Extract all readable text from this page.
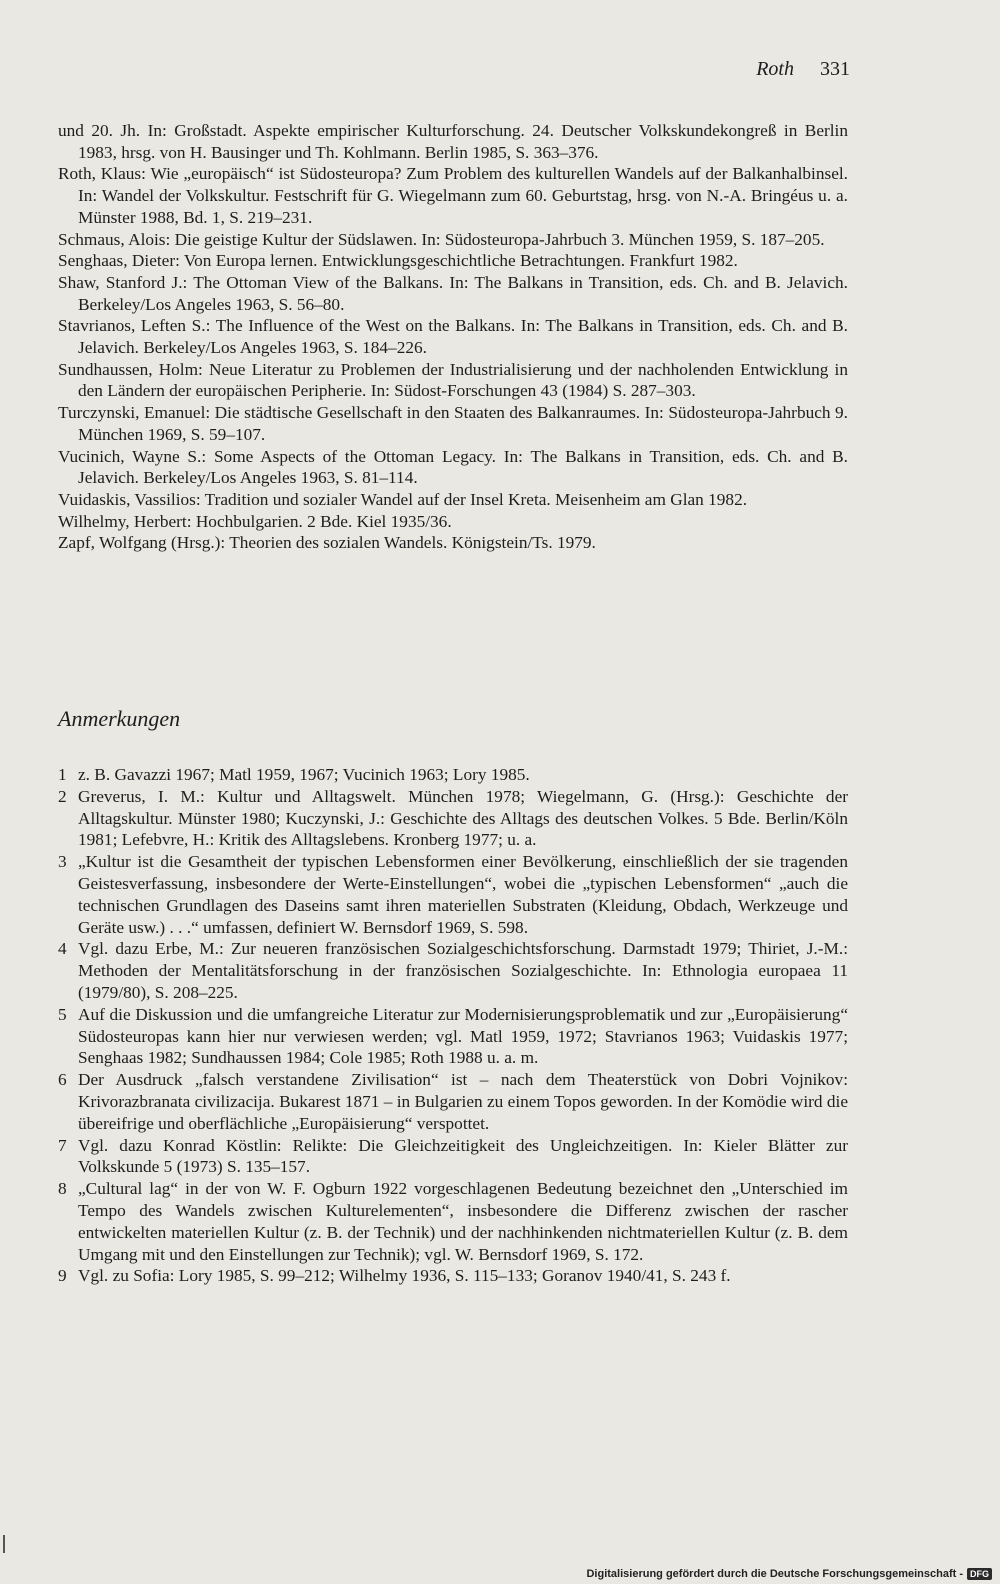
Roth 331

und 20. Jh. In: Großstadt. Aspekte empirischer Kulturforschung. 24. Deutscher Volkskundekongreß in Berlin 1983, hrsg. von H. Bausinger und Th. Kohlmann. Berlin 1985, S. 363–376.

Roth, Klaus: Wie „europäisch“ ist Südosteuropa? Zum Problem des kulturellen Wandels auf der Balkanhalbinsel. In: Wandel der Volkskultur. Festschrift für G. Wiegelmann zum 60. Geburtstag, hrsg. von N.-A. Bringéus u. a. Münster 1988, Bd. 1, S. 219–231.

Schmaus, Alois: Die geistige Kultur der Südslawen. In: Südosteuropa-Jahrbuch 3. München 1959, S. 187–205.

Senghaas, Dieter: Von Europa lernen. Entwicklungsgeschichtliche Betrachtungen. Frankfurt 1982.

Shaw, Stanford J.: The Ottoman View of the Balkans. In: The Balkans in Transition, eds. Ch. and B. Jelavich. Berkeley/Los Angeles 1963, S. 56–80.

Stavrianos, Leften S.: The Influence of the West on the Balkans. In: The Balkans in Transition, eds. Ch. and B. Jelavich. Berkeley/Los Angeles 1963, S. 184–226.

Sundhaussen, Holm: Neue Literatur zu Problemen der Industrialisierung und der nachholenden Entwicklung in den Ländern der europäischen Peripherie. In: Südost-Forschungen 43 (1984) S. 287–303.

Turczynski, Emanuel: Die städtische Gesellschaft in den Staaten des Balkanraumes. In: Südosteuropa-Jahrbuch 9. München 1969, S. 59–107.

Vucinich, Wayne S.: Some Aspects of the Ottoman Legacy. In: The Balkans in Transition, eds. Ch. and B. Jelavich. Berkeley/Los Angeles 1963, S. 81–114.

Vuidaskis, Vassilios: Tradition und sozialer Wandel auf der Insel Kreta. Meisenheim am Glan 1982.

Wilhelmy, Herbert: Hochbulgarien. 2 Bde. Kiel 1935/36.

Zapf, Wolfgang (Hrsg.): Theorien des sozialen Wandels. Königstein/Ts. 1979.

Anmerkungen
1 z. B. Gavazzi 1967; Matl 1959, 1967; Vucinich 1963; Lory 1985.
2 Greverus, I. M.: Kultur und Alltagswelt. München 1978; Wiegelmann, G. (Hrsg.): Geschichte der Alltagskultur. Münster 1980; Kuczynski, J.: Geschichte des Alltags des deutschen Volkes. 5 Bde. Berlin/Köln 1981; Lefebvre, H.: Kritik des Alltagslebens. Kronberg 1977; u. a.
3 „Kultur ist die Gesamtheit der typischen Lebensformen einer Bevölkerung, einschließlich der sie tragenden Geistesverfassung, insbesondere der Werte-Einstellungen“, wobei die „typischen Lebensformen“ „auch die technischen Grundlagen des Daseins samt ihren materiellen Substraten (Kleidung, Obdach, Werkzeuge und Geräte usw.) . . .“ umfassen, definiert W. Bernsdorf 1969, S. 598.
4 Vgl. dazu Erbe, M.: Zur neueren französischen Sozialgeschichtsforschung. Darmstadt 1979; Thiriet, J.-M.: Methoden der Mentalitätsforschung in der französischen Sozialgeschichte. In: Ethnologia europaea 11 (1979/80), S. 208–225.
5 Auf die Diskussion und die umfangreiche Literatur zur Modernisierungsproblematik und zur „Europäisierung“ Südosteuropas kann hier nur verwiesen werden; vgl. Matl 1959, 1972; Stavrianos 1963; Vuidaskis 1977; Senghaas 1982; Sundhaussen 1984; Cole 1985; Roth 1988 u. a. m.
6 Der Ausdruck „falsch verstandene Zivilisation“ ist – nach dem Theaterstück von Dobri Vojnikov: Krivorazbranata civilizacija. Bukarest 1871 – in Bulgarien zu einem Topos geworden. In der Komödie wird die übereifrige und oberflächliche „Europäisierung“ verspottet.
7 Vgl. dazu Konrad Köstlin: Relikte: Die Gleichzeitigkeit des Ungleichzeitigen. In: Kieler Blätter zur Volkskunde 5 (1973) S. 135–157.
8 „Cultural lag“ in der von W. F. Ogburn 1922 vorgeschlagenen Bedeutung bezeichnet den „Unterschied im Tempo des Wandels zwischen Kulturelementen“, insbesondere die Differenz zwischen der rascher entwickelten materiellen Kultur (z. B. der Technik) und der nachhinkenden nichtmateriellen Kultur (z. B. dem Umgang mit und den Einstellungen zur Technik); vgl. W. Bernsdorf 1969, S. 172.
9 Vgl. zu Sofia: Lory 1985, S. 99–212; Wilhelmy 1936, S. 115–133; Goranov 1940/41, S. 243 f.
Digitalisierung gefördert durch die Deutsche Forschungsgemeinschaft - DFG
